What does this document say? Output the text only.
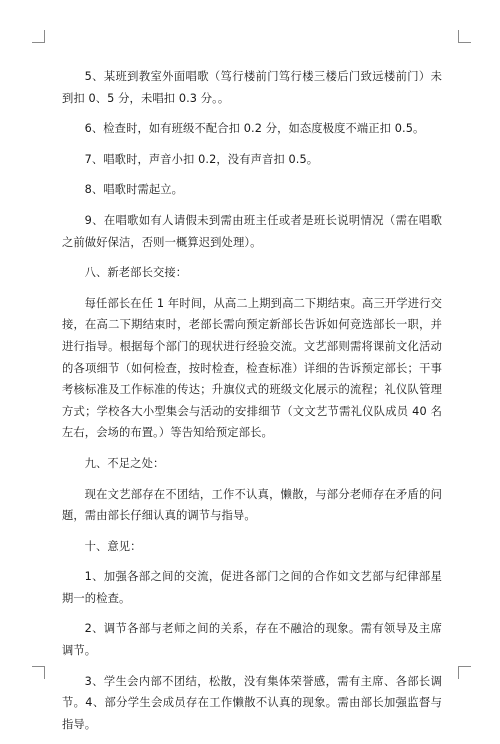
5、某班到教室外面唱歌（笃行楼前门笃行楼三楼后门致远楼前门）未到扣 0、5 分，未唱扣 0.3 分。。

6、检查时，如有班级不配合扣 0.2 分，如态度极度不端正扣 0.5。

7、唱歌时，声音小扣 0.2，没有声音扣 0.5。

8、唱歌时需起立。

9、在唱歌如有人请假未到需由班主任或者是班长说明情况（需在唱歌之前做好保洁，否则一概算迟到处理）。

八、新老部长交接：

每任部长在任 1 年时间，从高二上期到高二下期结束。高三开学进行交接，在高二下期结束时，老部长需向预定新部长告诉如何竞选部长一职，并进行指导。根据每个部门的现状进行经验交流。文艺部则需将课前文化活动的各项细节（如何检查，按时检查，检查标准）详细的告诉预定部长；干事考核标准及工作标准的传达；升旗仪式的班级文化展示的流程；礼仪队管理方式；学校各大小型集会与活动的安排细节（文文艺节需礼仪队成员 40 名左右，会场的布置。）等告知给预定部长。

九、不足之处：

现在文艺部存在不团结，工作不认真，懒散，与部分老师存在矛盾的问题，需由部长仔细认真的调节与指导。

十、意见：

1、加强各部之间的交流，促进各部门之间的合作如文艺部与纪律部星期一的检查。

2、调节各部与老师之间的关系，存在不融洽的现象。需有领导及主席调节。

3、学生会内部不团结，松散，没有集体荣誉感，需有主席、各部长调节。4、部分学生会成员存在工作懒散不认真的现象。需由部长加强监督与指导。
